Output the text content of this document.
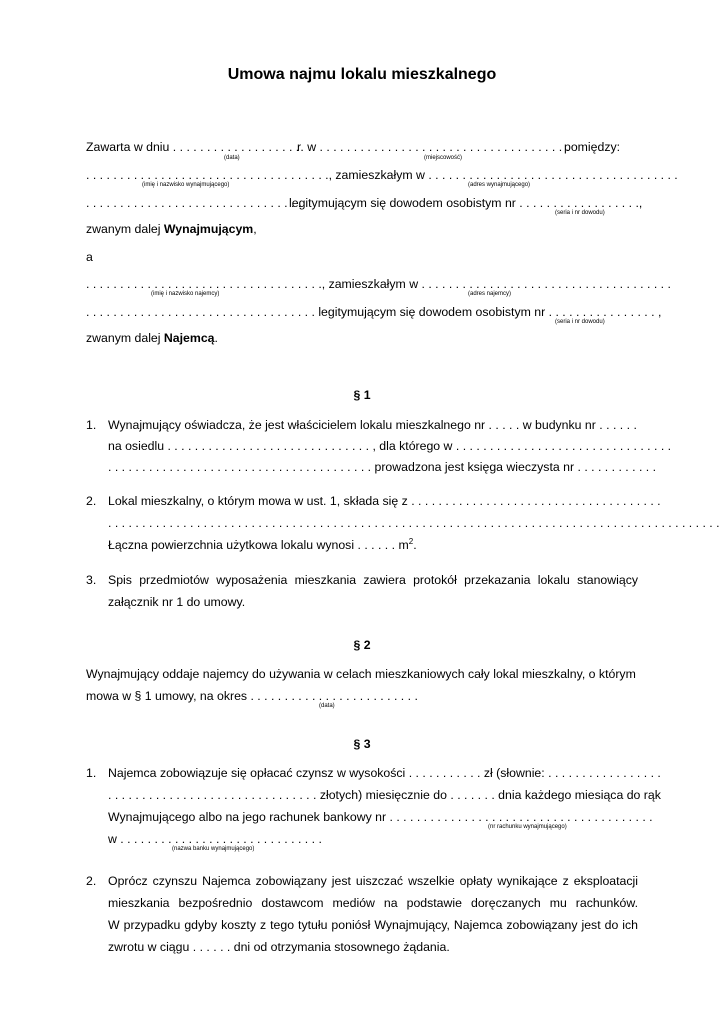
Umowa najmu lokalu mieszkalnego
Zawarta w dniu . . . . . . . . . . . . . . . . . . .
r. w . . . . . . . . . . . . . . . . . . . . . . . . . . . . . . . . . . . . .
pomiędzy:
(data)	(miejscowość)
. . . . . . . . . . . . . . . . . . . . . . . . . . . . . . . . . . . ., zamieszkałym w . . . . . . . . . . . . . . . . . . . . . . . . . . . . . . . . . . . . .
(imię i nazwisko wynajmującego)	(adres wynajmującego)
. . . . . . . . . . . . . . . . . . . . . . . . . . . . . . . .
legitymującym się dowodem osobistym nr . . . . . . . . . . . . . . . . . .,
(seria i nr dowodu)
zwanym dalej Wynajmującym,
a
. . . . . . . . . . . . . . . . . . . . . . . . . . . . . . . . . . ., zamieszkałym w . . . . . . . . . . . . . . . . . . . . . . . . . . . . . . . . . . . . .
(imię i nazwisko najemcy)	(adres najemcy)
. . . . . . . . . . . . . . . . . . . . . . . . . . . . . . . . . . legitymującym się dowodem osobistym nr . . . . . . . . . . . . . . . . ,
(seria i nr dowodu)
zwanym dalej Najemcą.
§ 1
1. Wynajmujący oświadcza, że jest właścicielem lokalu mieszkalnego nr . . . . . w budynku nr . . . . . .
na osiedlu . . . . . . . . . . . . . . . . . . . . . . . . . . . . . . , dla którego w . . . . . . . . . . . . . . . . . . . . . . . . . . . . . . . .
. . . . . . . . . . . . . . . . . . . . . . . . . . . . . . . . . . . . . . . prowadzona jest księga wieczysta nr . . . . . . . . . . . .
2. Lokal mieszkalny, o którym mowa w ust. 1, składa się z . . . . . . . . . . . . . . . . . . . . . . . . . . . . . . . . . . . . .
. . . . . . . . . . . . . . . . . . . . . . . . . . . . . . . . . . . . . . . . . . . . . . . . . . . . . . . . . . . . . . . . . . . . . . . . . . . . . . . . . . . . . . . . . .
Łączna powierzchnia użytkowa lokalu wynosi . . . . . . $m^2$.
3. Spis przedmiotów wyposażenia mieszkania zawiera protokół przekazania lokalu stanowiący
załącznik nr 1 do umowy.
§ 2
Wynajmujący oddaje najemcy do używania w celach mieszkaniowych cały lokal mieszkalny, o którym
mowa w § 1 umowy, na okres . . . . . . . . . . . . . . . . . . . . . . . . .
(data)
§ 3
1. Najemca zobowiązuje się opłacać czynsz w wysokości . . . . . . . . . . . zł (słownie: . . . . . . . . . . . . . . . . .
. . . . . . . . . . . . . . . . . . . . . . . . . . . . . . . złotych) miesięcznie do . . . . . . . dnia każdego miesiąca do rąk
Wynajmującego albo na jego rachunek bankowy nr . . . . . . . . . . . . . . . . . . . . . . . . . . . . . . . . . . . . . . .
(nr rachunku wynajmującego)
w . . . . . . . . . . . . . . . . . . . . . . . . . . . . . .
(nazwa banku wynajmującego)
2. Oprócz czynszu Najemca zobowiązany jest uiszczać wszelkie opłaty wynikające z eksploatacji
mieszkania bezpośrednio dostawcom mediów na podstawie doręczanych mu rachunków.
W przypadku gdyby koszty z tego tytułu poniósł Wynajmujący, Najemca zobowiązany jest do ich
zwrotu w ciągu . . . . . . dni od otrzymania stosownego żądania.
